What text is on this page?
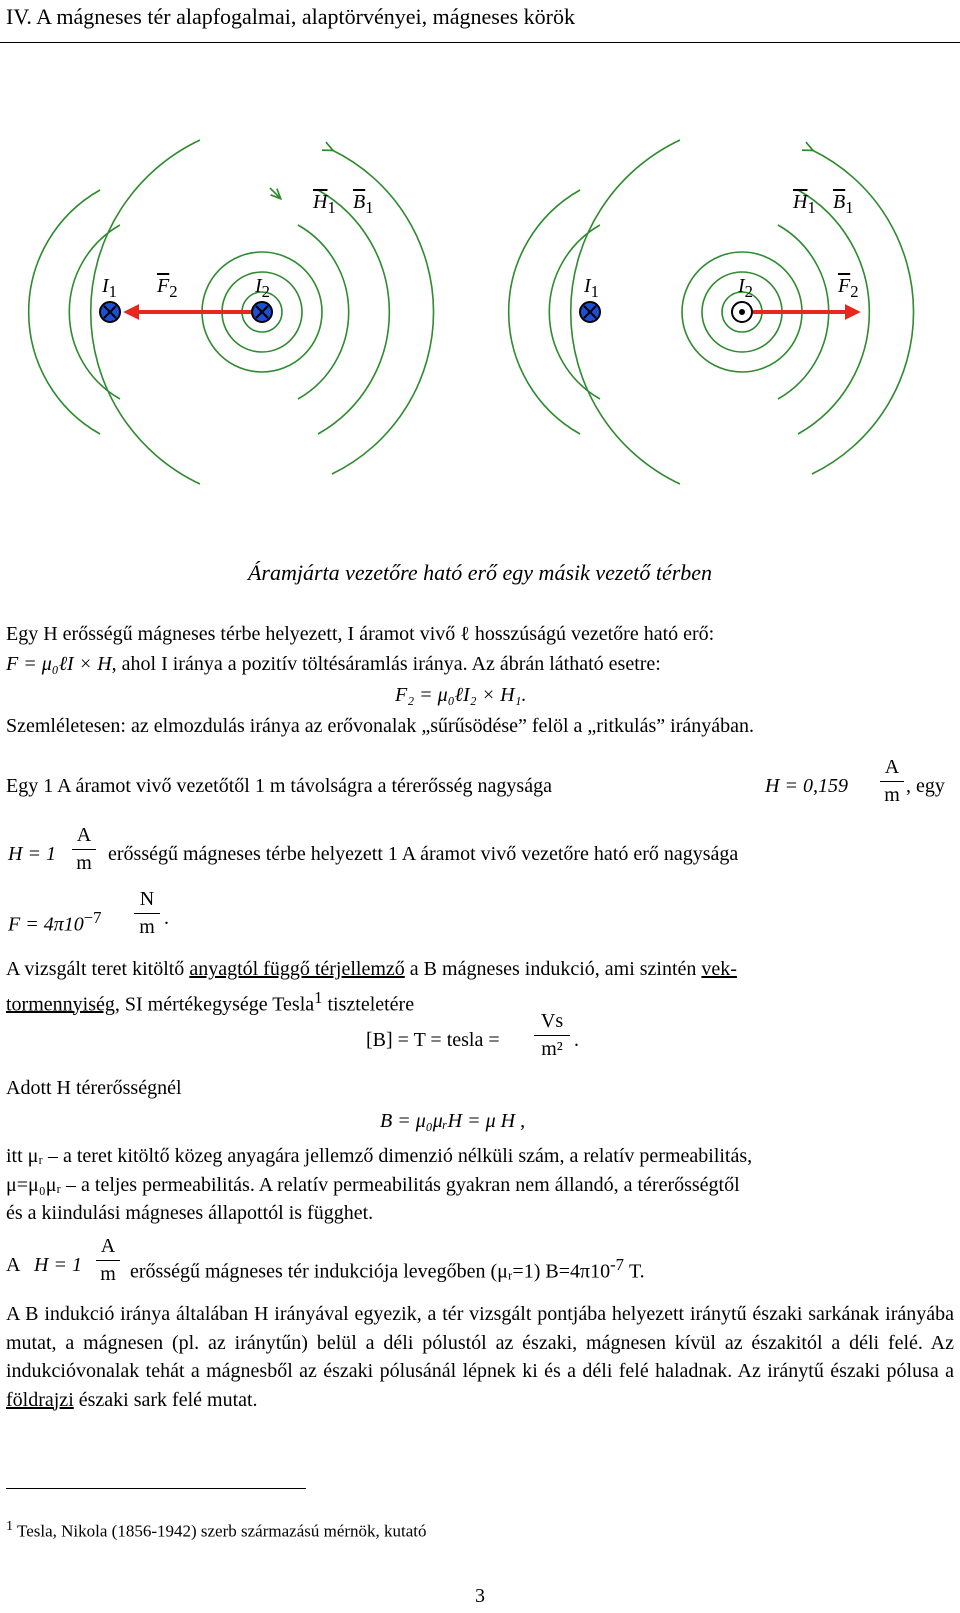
IV. A mágneses tér alapfogalmai, alaptörvényei, mágneses körök
$\overline{H}_1$ $\overline{B}_1$
$I_1$ $\overline{F}_2$	$I_2$
$\overline{H}_1$ $\overline{B}_1$
$I_1$	$I_2$	$\overline{F}_2$
Áramjárta vezetőre ható erő egy másik vezető térben
Egy H erősségű mágneses térbe helyezett, I áramot vivő ℓ hosszúságú vezetőre ható erő:
F = μ₀ℓI × H, ahol I iránya a pozitív töltésáramlás iránya. Az ábrán látható esetre:
F₂ = μ₀ℓI₂ × H₁.
Szemléletesen: az elmozdulás iránya az erővonalak „sűrűsödése” felöl a „ritkulás” irányában.
Egy 1 A áramot vivő vezetőtől 1 m távolságra a térerősség nagysága	H = 0,159
A
m , egy
H = 1
A
m erősségű mágneses térbe helyezett 1 A áramot vivő vezetőre ható erő nagysága
$F = 4\pi 10^{-7}$
N
m .
A vizsgált teret kitöltő anyagtól függő térjellemző a B mágneses indukció, ami szintén vek-
tormennyiség, SI mértékegysége Tesla$^1$ tiszteletére
[B] = T = tesla =
Vs
m² .
Adott H térerősségnél
B = μ₀μᵣH = μ H ,
itt μᵣ – a teret kitöltő közeg anyagára jellemző dimenzió nélküli szám, a relatív permeabilitás,
μ=μ₀μᵣ – a teljes permeabilitás. A relatív permeabilitás gyakran nem állandó, a térerősségtől
és a kiindulási mágneses állapottól is függhet.
A H = 1
A
m erősségű mágneses tér indukciója levegőben (μᵣ=1) $B=4\pi 10^{-7}$ T.
A B indukció iránya általában H irányával egyezik, a tér vizsgált pontjába helyezett iránytű északi sarkának irányába mutat, a mágnesen (pl. az iránytűn) belül a déli pólustól az északi, mágnesen kívül az északitól a déli felé. Az indukcióvonalak tehát a mágnesből az északi pólusánál lépnek ki és a déli felé haladnak. Az iránytű északi pólusa a földrajzi északi sark felé mutat.
$^1$ Tesla, Nikola (1856-1942) szerb származású mérnök, kutató
3
